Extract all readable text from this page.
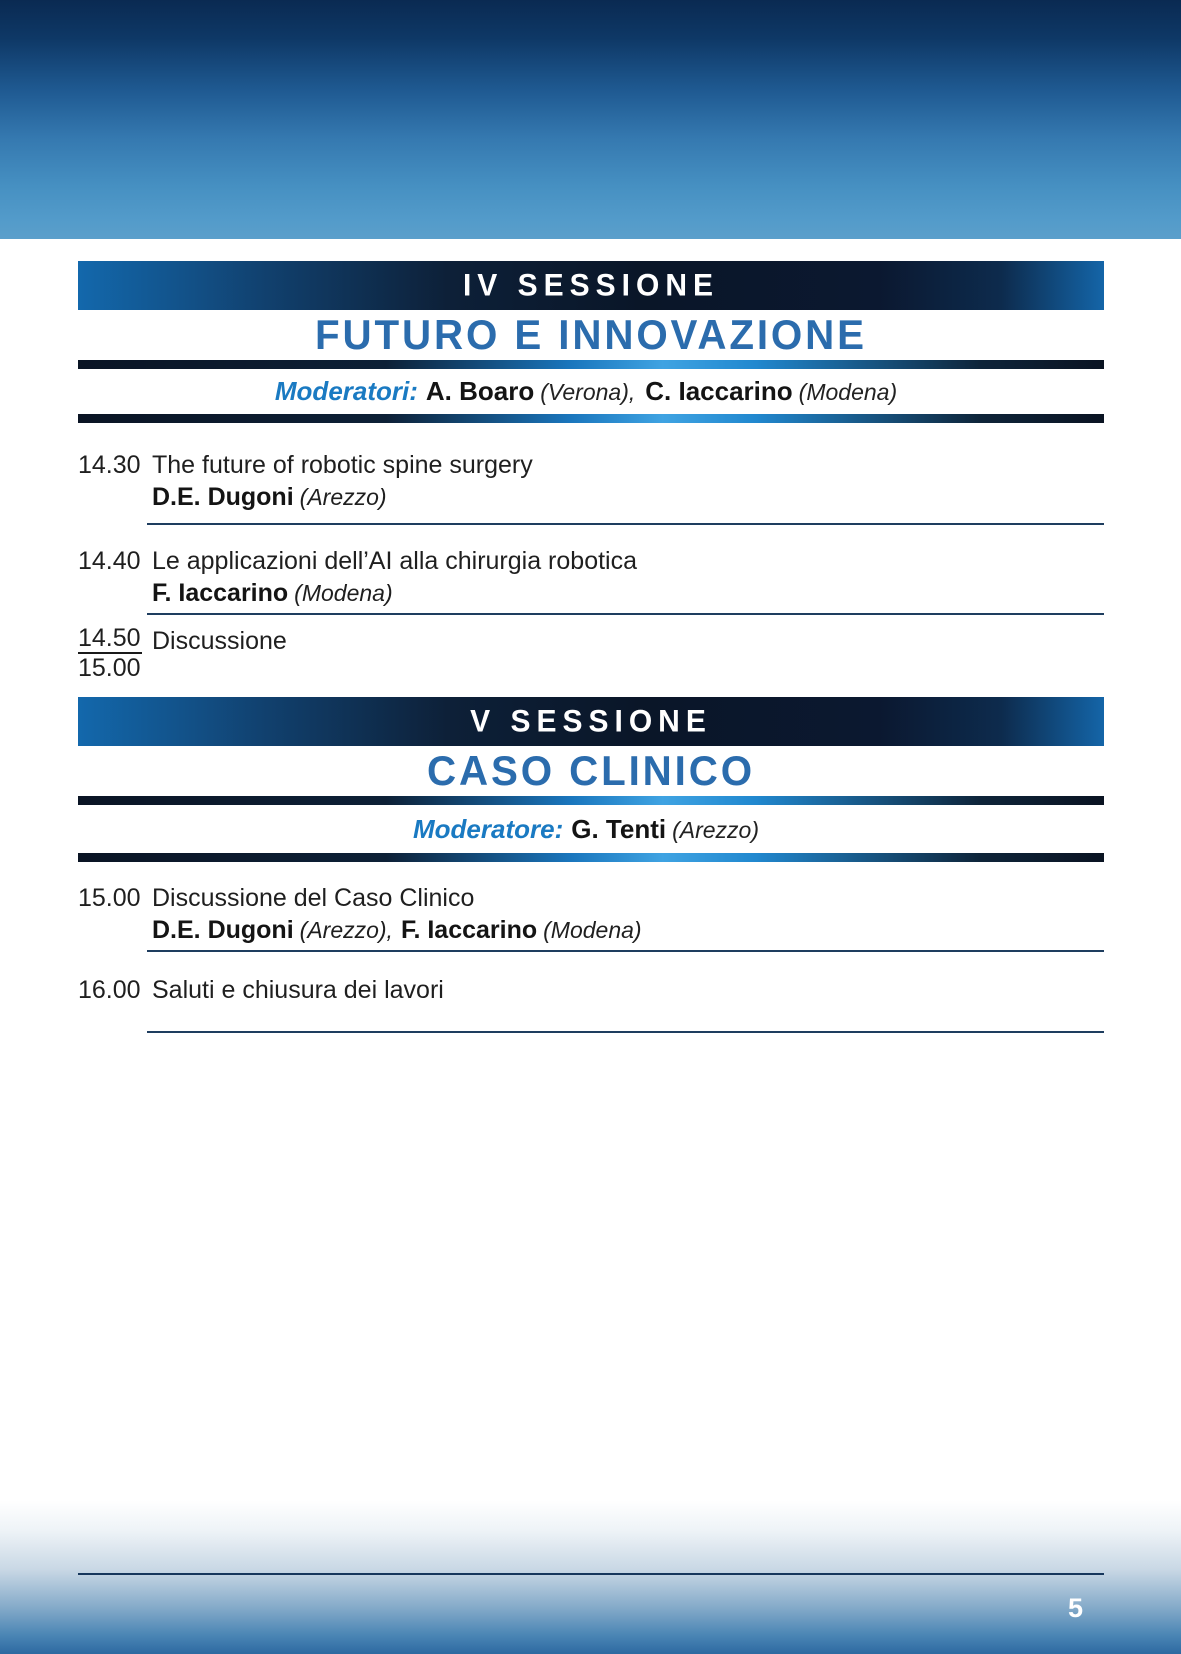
IV SESSIONE
FUTURO E INNOVAZIONE
Moderatori: A. Boaro (Verona), C. Iaccarino (Modena)
14.30 The future of robotic spine surgery
D.E. Dugoni (Arezzo)
14.40 Le applicazioni dell’AI alla chirurgia robotica
F. Iaccarino (Modena)
14.50
15.00
Discussione
V SESSIONE
CASO CLINICO
Moderatore: G. Tenti (Arezzo)
15.00 Discussione del Caso Clinico
D.E. Dugoni (Arezzo), F. Iaccarino (Modena)
16.00 Saluti e chiusura dei lavori
5
